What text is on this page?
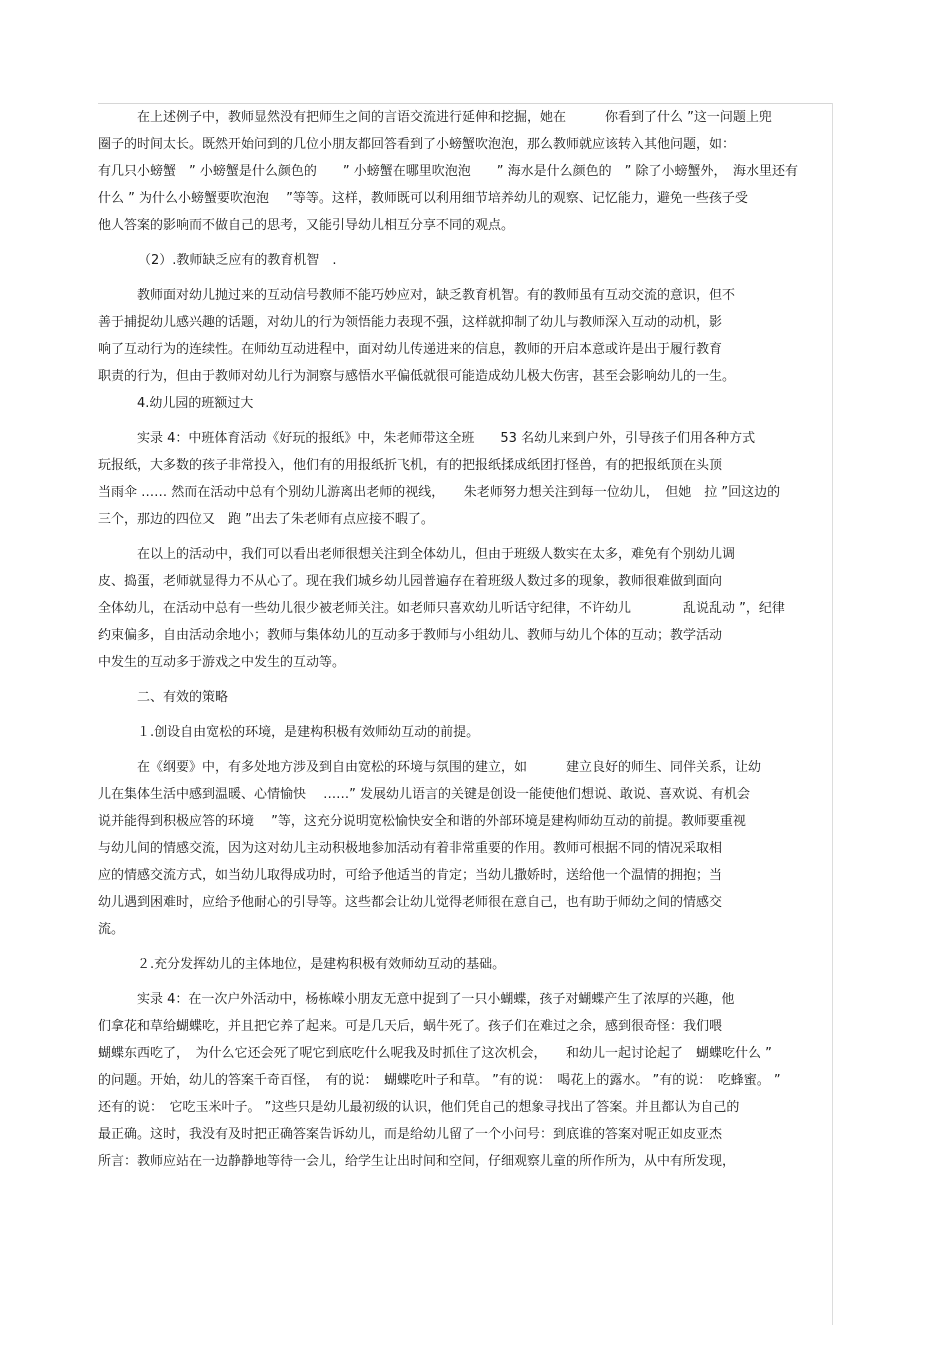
在上述例子中，教师显然没有把师生之间的言语交流进行延伸和挖掘，她在　　　你看到了什么 ”这一问题上兜
圈子的时间太长。既然开始问到的几位小朋友都回答看到了小螃蟹吹泡泡，那么教师就应该转入其他问题，如：
有几只小螃蟹　” 小螃蟹是什么颜色的　　” 小螃蟹在哪里吹泡泡　　” 海水是什么颜色的　” 除了小螃蟹外，　海水里还有
什么 ” 为什么小螃蟹要吹泡泡　 ”等等。这样，教师既可以利用细节培养幼儿的观察、记忆能力，避免一些孩子受
他人答案的影响而不做自己的思考，又能引导幼儿相互分享不同的观点。
（2）.教师缺乏应有的教育机智　.
教师面对幼儿抛过来的互动信号教师不能巧妙应对，缺乏教育机智。有的教师虽有互动交流的意识，但不
善于捕捉幼儿感兴趣的话题，对幼儿的行为领悟能力表现不强，这样就抑制了幼儿与教师深入互动的动机，影
响了互动行为的连续性。在师幼互动进程中，面对幼儿传递进来的信息，教师的开启本意或许是出于履行教育
职责的行为，但由于教师对幼儿行为洞察与感悟水平偏低就很可能造成幼儿极大伤害，甚至会影响幼儿的一生。
4.幼儿园的班额过大
实录 4：中班体育活动《好玩的报纸》中，朱老师带这全班　　53 名幼儿来到户外，引导孩子们用各种方式
玩报纸，大多数的孩子非常投入，他们有的用报纸折飞机，有的把报纸揉成纸团打怪兽，有的把报纸顶在头顶
当雨伞 …… 然而在活动中总有个别幼儿游离出老师的视线，　　朱老师努力想关注到每一位幼儿，　但她　拉 ”回这边的
三个，那边的四位又　跑 ”出去了朱老师有点应接不暇了。
在以上的活动中，我们可以看出老师很想关注到全体幼儿，但由于班级人数实在太多，难免有个别幼儿调
皮、捣蛋，老师就显得力不从心了。现在我们城乡幼儿园普遍存在着班级人数过多的现象，教师很难做到面向
全体幼儿，在活动中总有一些幼儿很少被老师关注。如老师只喜欢幼儿听话守纪律，不许幼儿　　　　乱说乱动 ”，纪律
约束偏多，自由活动余地小；教师与集体幼儿的互动多于教师与小组幼儿、教师与幼儿个体的互动；教学活动
中发生的互动多于游戏之中发生的互动等。
二、有效的策略
１.创设自由宽松的环境，是建构积极有效师幼互动的前提。
在《纲要》中，有多处地方涉及到自由宽松的环境与氛围的建立，如　　　建立良好的师生、同伴关系，让幼
儿在集体生活中感到温暖、心情愉快　 ……” 发展幼儿语言的关键是创设一能使他们想说、敢说、喜欢说、有机会
说并能得到积极应答的环境　 ”等，这充分说明宽松愉快安全和谐的外部环境是建构师幼互动的前提。教师要重视
与幼儿间的情感交流，因为这对幼儿主动积极地参加活动有着非常重要的作用。教师可根据不同的情况采取相
应的情感交流方式，如当幼儿取得成功时，可给予他适当的肯定；当幼儿撒娇时，送给他一个温情的拥抱；当
幼儿遇到困难时，应给予他耐心的引导等。这些都会让幼儿觉得老师很在意自己，也有助于师幼之间的情感交
流。
２.充分发挥幼儿的主体地位，是建构积极有效师幼互动的基础。
实录 4：在一次户外活动中，杨栋嵘小朋友无意中捉到了一只小蝴蝶，孩子对蝴蝶产生了浓厚的兴趣，他
们拿花和草给蝴蝶吃，并且把它养了起来。可是几天后，蜗牛死了。孩子们在难过之余，感到很奇怪：我们喂
蝴蝶东西吃了，　为什么它还会死了呢它到底吃什么呢我及时抓住了这次机会，　　和幼儿一起讨论起了　蝴蝶吃什么 ”
的问题。开始，幼儿的答案千奇百怪，　有的说：　蝴蝶吃叶子和草。 ”有的说：　喝花上的露水。 ”有的说：　吃蜂蜜。 ”
还有的说：　它吃玉米叶子。 ”这些只是幼儿最初级的认识，他们凭自己的想象寻找出了答案。并且都认为自己的
最正确。这时，我没有及时把正确答案告诉幼儿，而是给幼儿留了一个小问号：到底谁的答案对呢正如皮亚杰
所言：教师应站在一边静静地等待一会儿，给学生让出时间和空间，仔细观察儿童的所作所为，从中有所发现，
